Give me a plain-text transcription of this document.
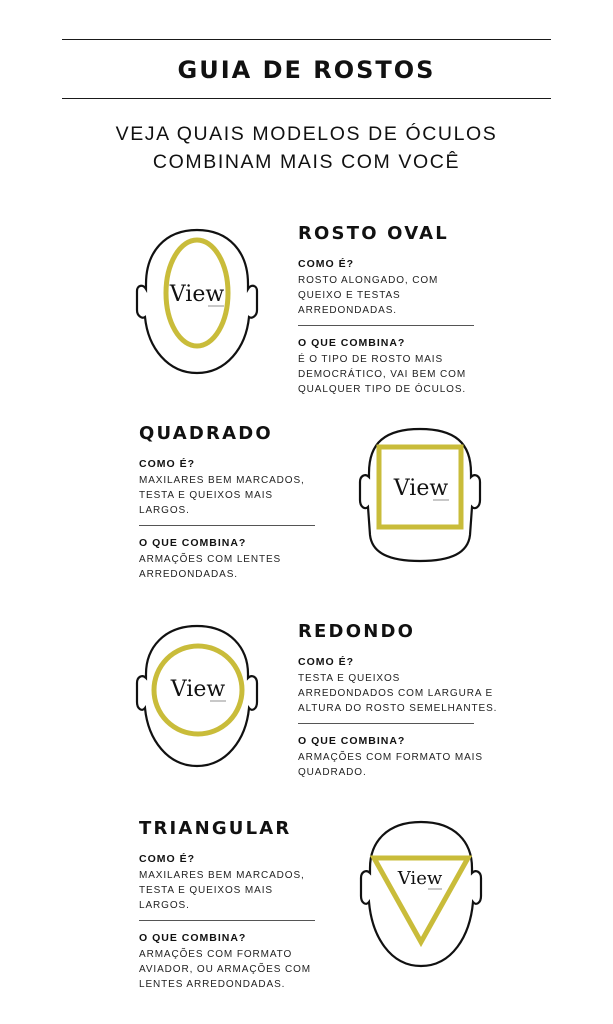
GUIA DE ROSTOS
VEJA QUAIS MODELOS DE ÓCULOS
COMBINAM MAIS COM VOCÊ
View
ROSTO OVAL
COMO É?
ROSTO ALONGADO, COM QUEIXO E TESTAS ARREDONDADAS.
O QUE COMBINA?
É O TIPO DE ROSTO MAIS DEMOCRÁTICO, VAI BEM COM QUALQUER TIPO DE ÓCULOS.
QUADRADO
COMO É?
MAXILARES BEM MARCADOS, TESTA E QUEIXOS MAIS LARGOS.
O QUE COMBINA?
ARMAÇÕES COM LENTES ARREDONDADAS.
View
View
REDONDO
COMO É?
TESTA E QUEIXOS ARREDONDADOS COM LARGURA E ALTURA DO ROSTO SEMELHANTES.
O QUE COMBINA?
ARMAÇÕES COM FORMATO MAIS QUADRADO.
TRIANGULAR
COMO É?
MAXILARES BEM MARCADOS, TESTA E QUEIXOS MAIS LARGOS.
O QUE COMBINA?
ARMAÇÕES COM FORMATO AVIADOR, OU ARMAÇÕES COM LENTES ARREDONDADAS.
View
